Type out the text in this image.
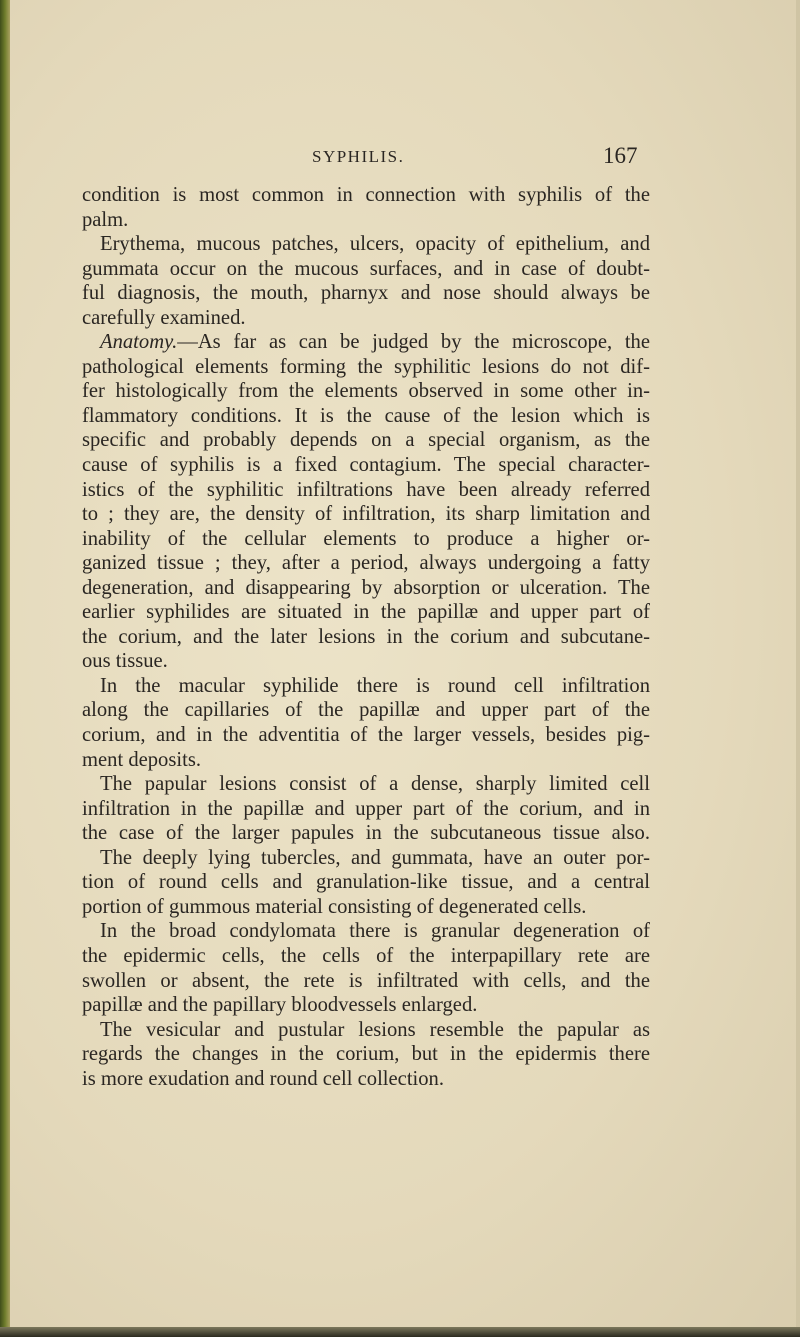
SYPHILIS.	167
condition is most common in connection with syphilis of the
palm.
Erythema, mucous patches, ulcers, opacity of epithelium, and
gummata occur on the mucous surfaces, and in case of doubt-
ful diagnosis, the mouth, pharnyx and nose should always be
carefully examined.
Anatomy.—As far as can be judged by the microscope, the
pathological elements forming the syphilitic lesions do not dif-
fer histologically from the elements observed in some other in-
flammatory conditions. It is the cause of the lesion which is
specific and probably depends on a special organism, as the
cause of syphilis is a fixed contagium. The special character-
istics of the syphilitic infiltrations have been already referred
to ; they are, the density of infiltration, its sharp limitation and
inability of the cellular elements to produce a higher or-
ganized tissue ; they, after a period, always undergoing a fatty
degeneration, and disappearing by absorption or ulceration. The
earlier syphilides are situated in the papillæ and upper part of
the corium, and the later lesions in the corium and subcutane-
ous tissue.
In the macular syphilide there is round cell infiltration
along the capillaries of the papillæ and upper part of the
corium, and in the adventitia of the larger vessels, besides pig-
ment deposits.
The papular lesions consist of a dense, sharply limited cell
infiltration in the papillæ and upper part of the corium, and in
the case of the larger papules in the subcutaneous tissue also.
The deeply lying tubercles, and gummata, have an outer por-
tion of round cells and granulation-like tissue, and a central
portion of gummous material consisting of degenerated cells.
In the broad condylomata there is granular degeneration of
the epidermic cells, the cells of the interpapillary rete are
swollen or absent, the rete is infiltrated with cells, and the
papillæ and the papillary bloodvessels enlarged.
The vesicular and pustular lesions resemble the papular as
regards the changes in the corium, but in the epidermis there
is more exudation and round cell collection.
